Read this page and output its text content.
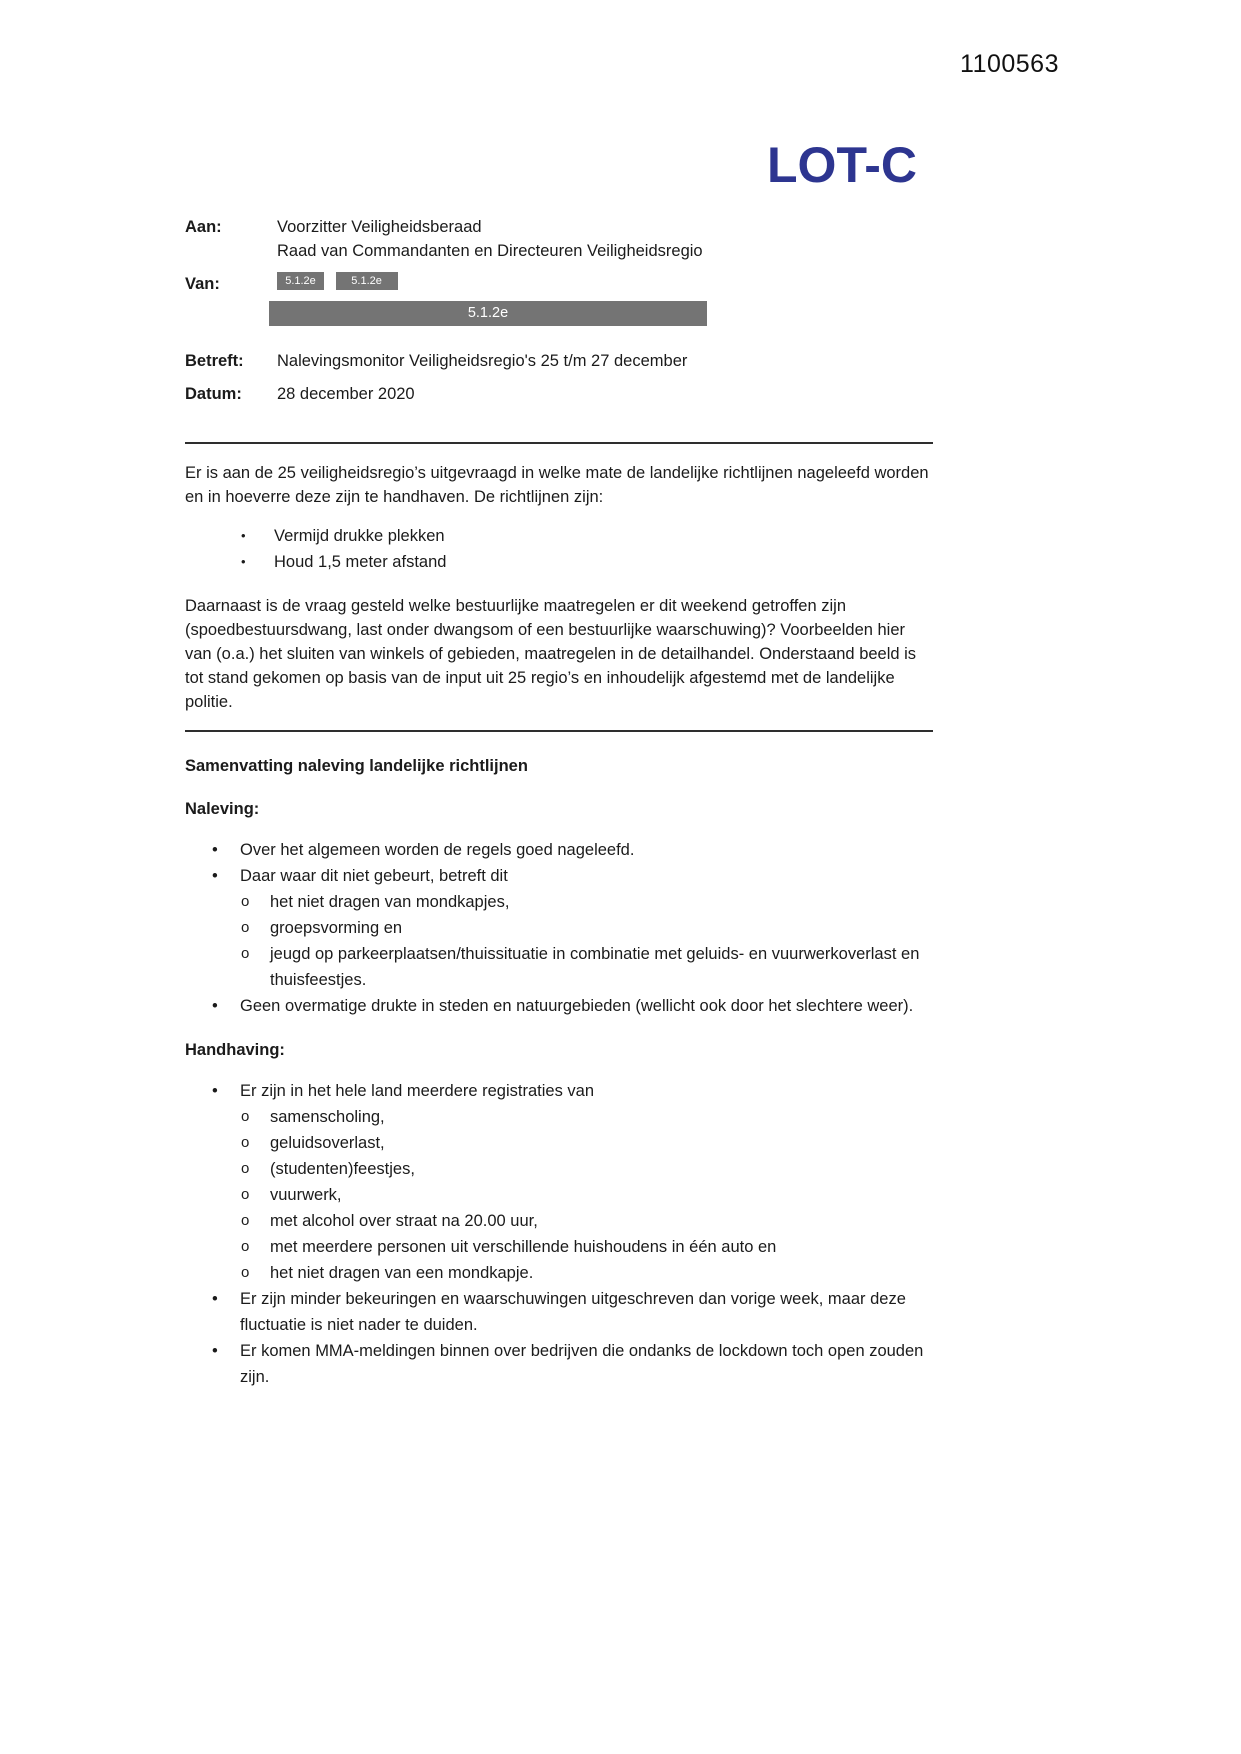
1100563
LOT-C
Aan:	Voorzitter Veiligheidsberaad
Raad van Commandanten en Directeuren Veiligheidsregio
Van:	5.1.2e	5.1.2e
5.1.2e
Betreft:	Nalevingsmonitor Veiligheidsregio's 25 t/m 27 december
Datum:	28 december 2020

Er is aan de 25 veiligheidsregio’s uitgevraagd in welke mate de landelijke richtlijnen nageleefd worden en in hoeverre deze zijn te handhaven. De richtlijnen zijn:

•	Vermijd drukke plekken
•	Houd 1,5 meter afstand

Daarnaast is de vraag gesteld welke bestuurlijke maatregelen er dit weekend getroffen zijn (spoedbestuursdwang, last onder dwangsom of een bestuurlijke waarschuwing)? Voorbeelden hier van (o.a.) het sluiten van winkels of gebieden, maatregelen in de detailhandel. Onderstaand beeld is tot stand gekomen op basis van de input uit 25 regio’s en inhoudelijk afgestemd met de landelijke politie.

Samenvatting naleving landelijke richtlijnen

Naleving:

•	Over het algemeen worden de regels goed nageleefd.
•	Daar waar dit niet gebeurt, betreft dit
o	het niet dragen van mondkapjes,
o	groepsvorming en
o	jeugd op parkeerplaatsen/thuissituatie in combinatie met geluids- en vuurwerkoverlast en thuisfeestjes.
•	Geen overmatige drukte in steden en natuurgebieden (wellicht ook door het slechtere weer).

Handhaving:

•	Er zijn in het hele land meerdere registraties van
o	samenscholing,
o	geluidsoverlast,
o	(studenten)feestjes,
o	vuurwerk,
o	met alcohol over straat na 20.00 uur,
o	met meerdere personen uit verschillende huishoudens in één auto en
o	het niet dragen van een mondkapje.
•	Er zijn minder bekeuringen en waarschuwingen uitgeschreven dan vorige week, maar deze fluctuatie is niet nader te duiden.
•	Er komen MMA-meldingen binnen over bedrijven die ondanks de lockdown toch open zouden zijn.
